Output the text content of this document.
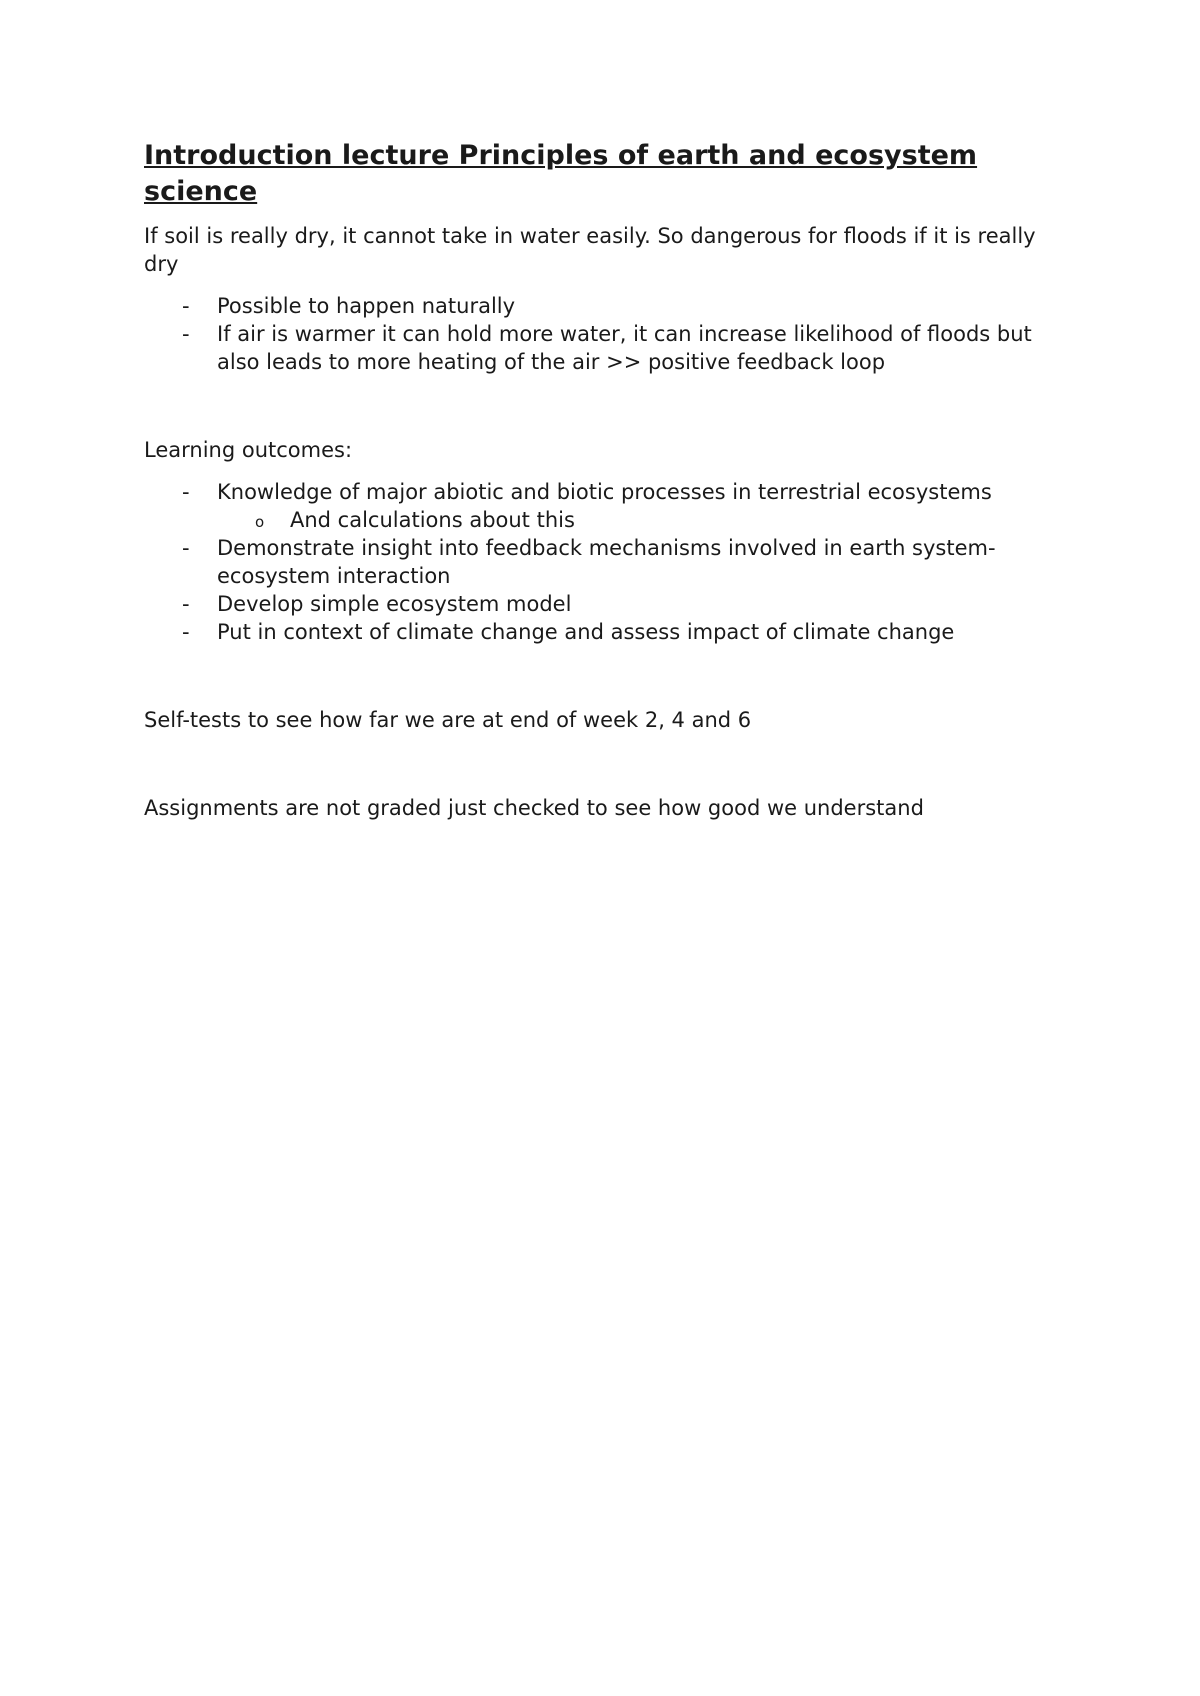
Introduction lecture Principles of earth and ecosystem science

If soil is really dry, it cannot take in water easily. So dangerous for floods if it is really dry

- Possible to happen naturally
- If air is warmer it can hold more water, it can increase likelihood of floods but also leads to more heating of the air >> positive feedback loop

Learning outcomes:

- Knowledge of major abiotic and biotic processes in terrestrial ecosystems
o And calculations about this
- Demonstrate insight into feedback mechanisms involved in earth system-ecosystem interaction
- Develop simple ecosystem model
- Put in context of climate change and assess impact of climate change

Self-tests to see how far we are at end of week 2, 4 and 6

Assignments are not graded just checked to see how good we understand
